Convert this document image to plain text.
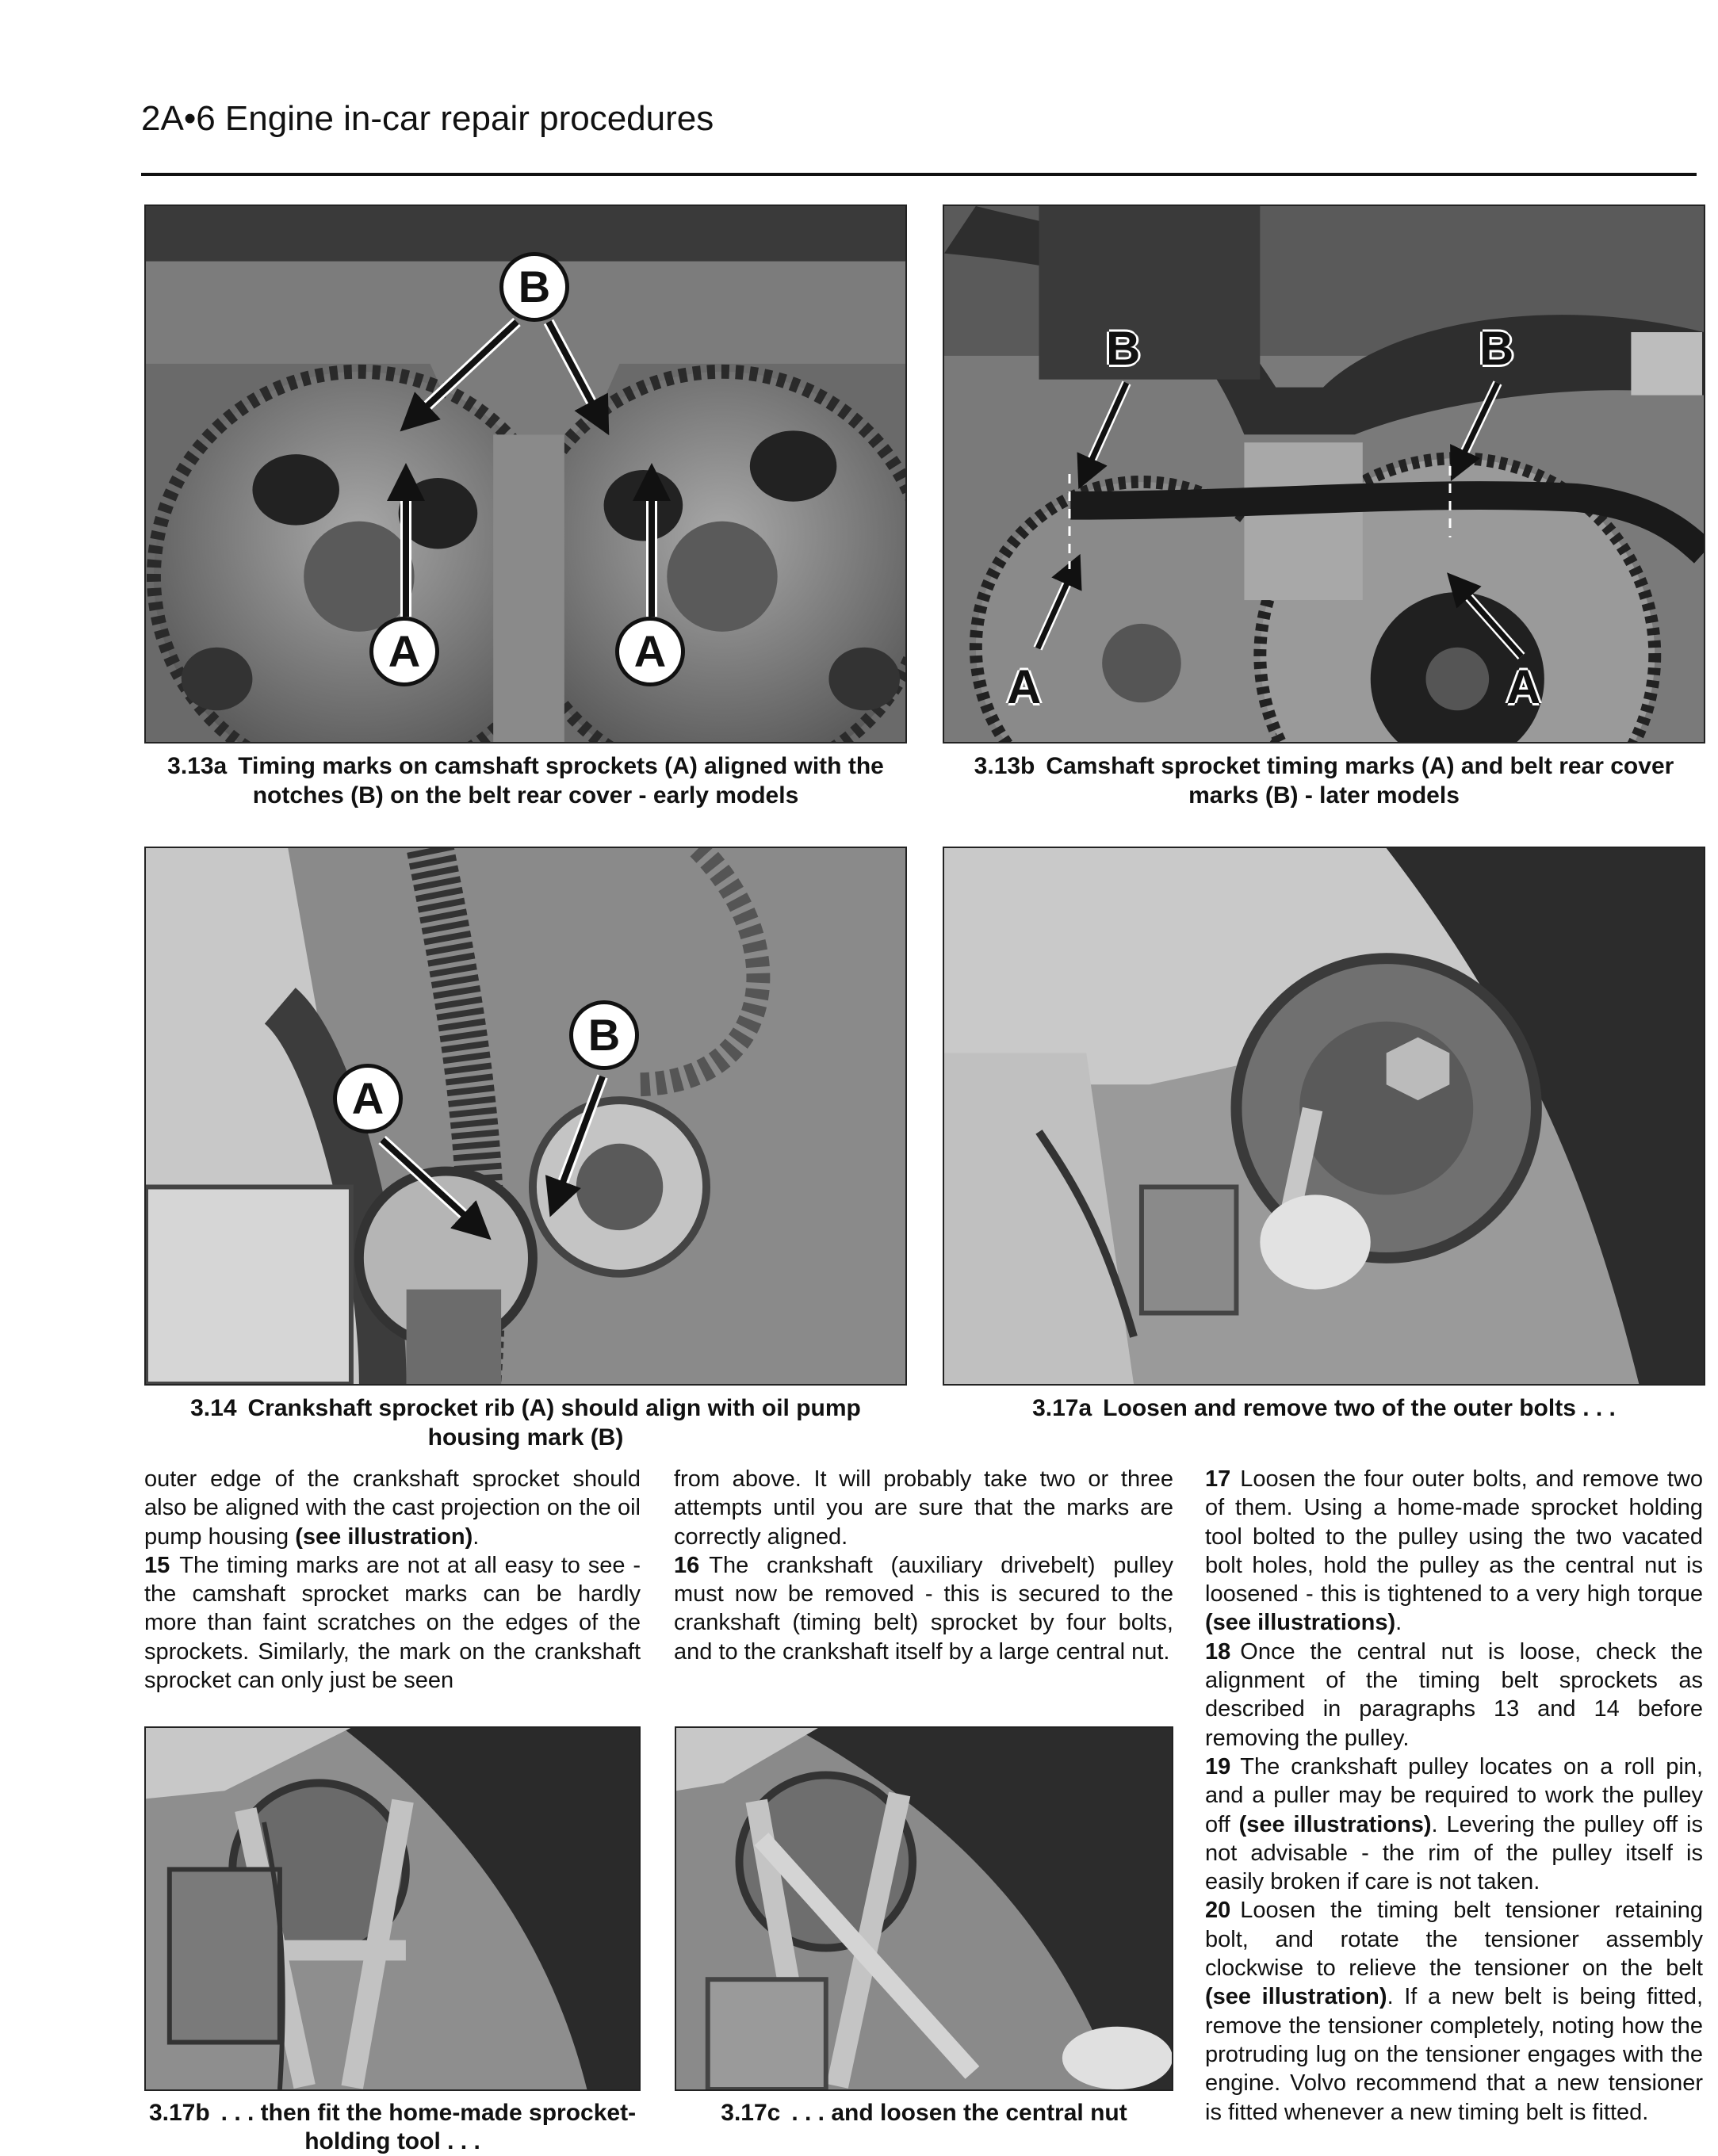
2A•6 Engine in-car repair procedures
B
A	A
3.13a Timing marks on camshaft sprockets (A) aligned with the notches (B) on the belt rear cover - early models
B	B
A	A
3.13b Camshaft sprocket timing marks (A) and belt rear cover marks (B) - later models
A
B
3.14 Crankshaft sprocket rib (A) should align with oil pump housing mark (B)
3.17a Loosen and remove two of the outer bolts . . .

outer edge of the crankshaft sprocket should also be aligned with the cast projection on the oil pump housing (see illustration).

15 The timing marks are not at all easy to see - the camshaft sprocket marks can be hardly more than faint scratches on the edges of the sprockets. Similarly, the mark on the crankshaft sprocket can only just be seen

from above. It will probably take two or three attempts until you are sure that the marks are correctly aligned.

16 The crankshaft (auxiliary drivebelt) pulley must now be removed - this is secured to the crankshaft (timing belt) sprocket by four bolts, and to the crankshaft itself by a large central nut.

17 Loosen the four outer bolts, and remove two of them. Using a home-made sprocket holding tool bolted to the pulley using the two vacated bolt holes, hold the pulley as the central nut is loosened - this is tightened to a very high torque (see illustrations).

18 Once the central nut is loose, check the alignment of the timing belt sprockets as described in paragraphs 13 and 14 before removing the pulley.

19 The crankshaft pulley locates on a roll pin, and a puller may be required to work the pulley off (see illustrations). Levering the pulley off is not advisable - the rim of the pulley itself is easily broken if care is not taken.

20 Loosen the timing belt tensioner retaining bolt, and rotate the tensioner assembly clockwise to relieve the tensioner on the belt (see illustration). If a new belt is being fitted, remove the tensioner completely, noting how the protruding lug on the tensioner engages with the engine. Volvo recommend that a new tensioner is fitted whenever a new timing belt is fitted.

3.17b . . . then fit the home-made sprocket-holding tool . . .
3.17c . . . and loosen the central nut
